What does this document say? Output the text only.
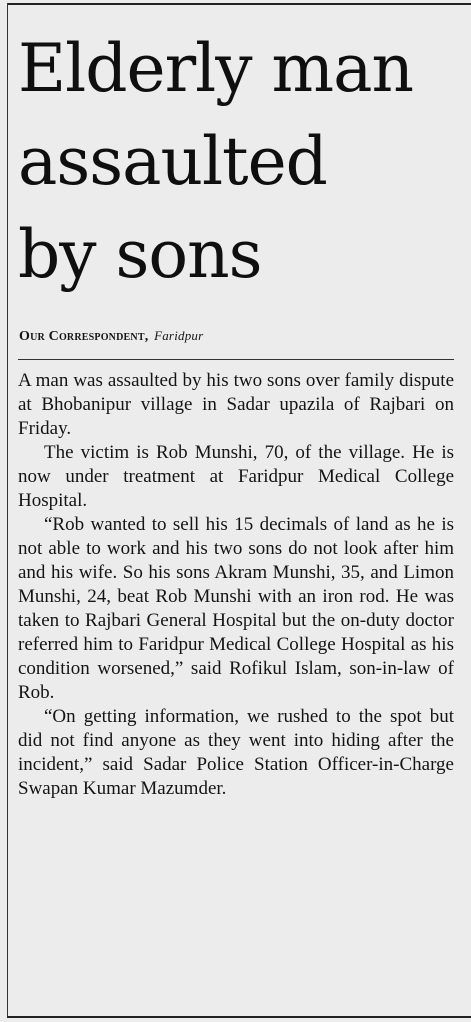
Elderly man
assaulted
by sons
Our Correspondent, Faridpur

A man was assaulted by his two sons over family dispute at Bhobanipur village in Sadar upazila of Rajbari on Friday.

The victim is Rob Munshi, 70, of the village. He is now under treatment at Faridpur Medical College Hospital.

“Rob wanted to sell his 15 decimals of land as he is not able to work and his two sons do not look after him and his wife. So his sons Akram Munshi, 35, and Limon Munshi, 24, beat Rob Munshi with an iron rod. He was taken to Rajbari General Hospital but the on-duty doctor referred him to Faridpur Medical College Hospital as his condition worsened,” said Rofikul Islam, son-in-law of Rob.

“On getting information, we rushed to the spot but did not find anyone as they went into hiding after the incident,” said Sadar Police Station Officer-in-Charge Swapan Kumar Mazumder.
